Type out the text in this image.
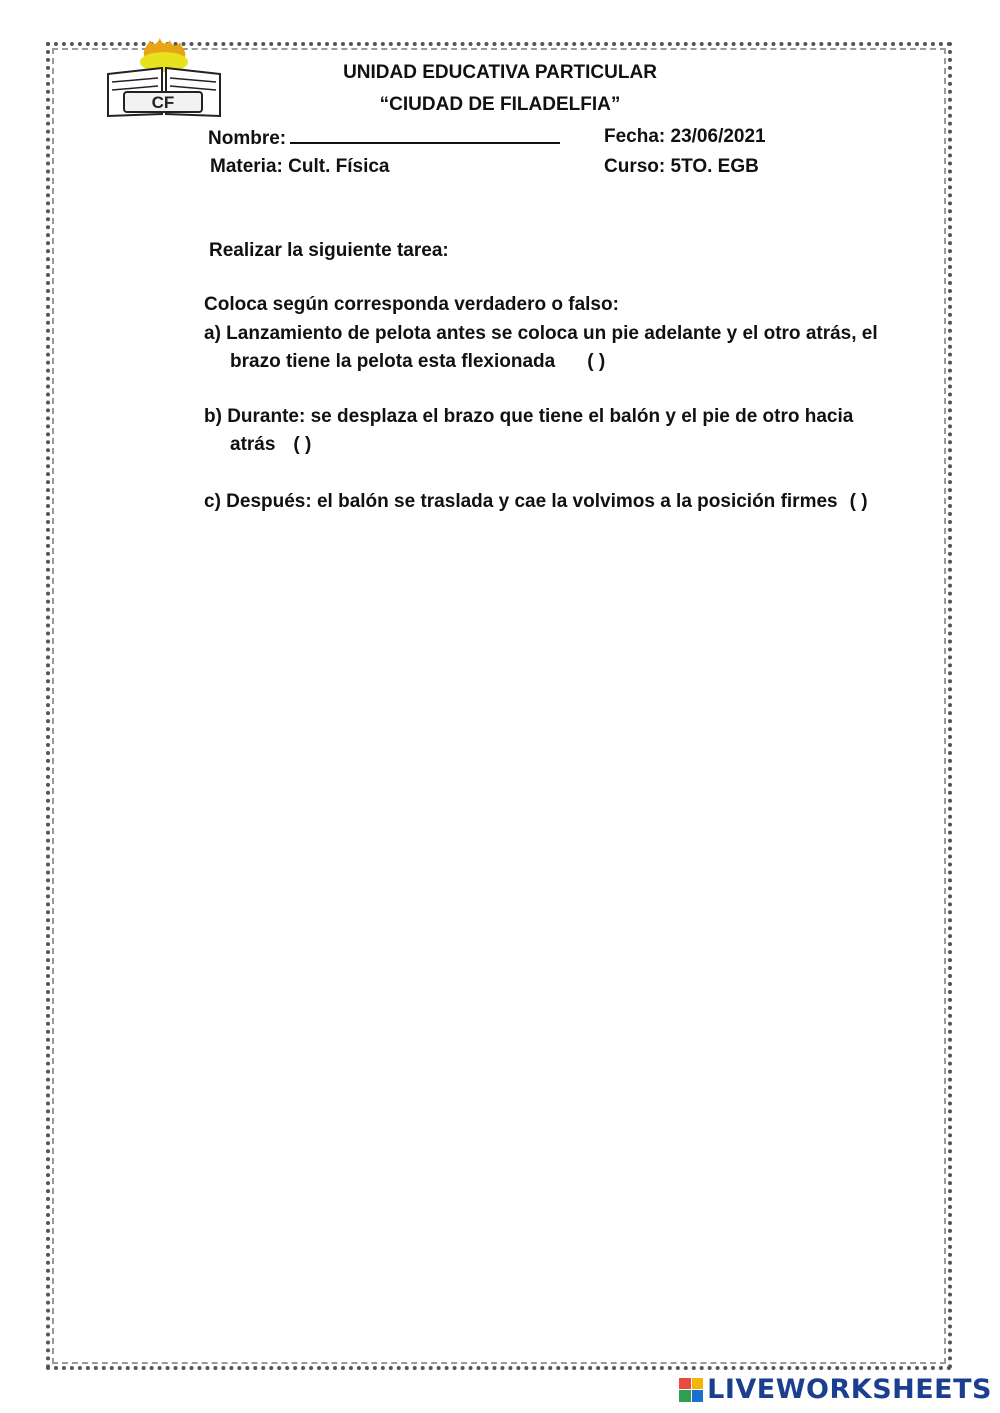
CF
UNIDAD EDUCATIVA PARTICULAR
“CIUDAD DE FILADELFIA”
Nombre:	Fecha: 23/06/2021
Materia: Cult. Física	Curso: 5TO. EGB
Realizar la siguiente tarea:
Coloca según corresponda verdadero o falso:
a) Lanzamiento de pelota antes se coloca un pie adelante y el otro atrás, el
brazo tiene la pelota esta flexionada ( )
b) Durante: se desplaza el brazo que tiene el balón y el pie de otro hacia
atrás ( )
c) Después: el balón se traslada y cae la volvimos a la posición firmes ( )
LIVEWORKSHEETS
